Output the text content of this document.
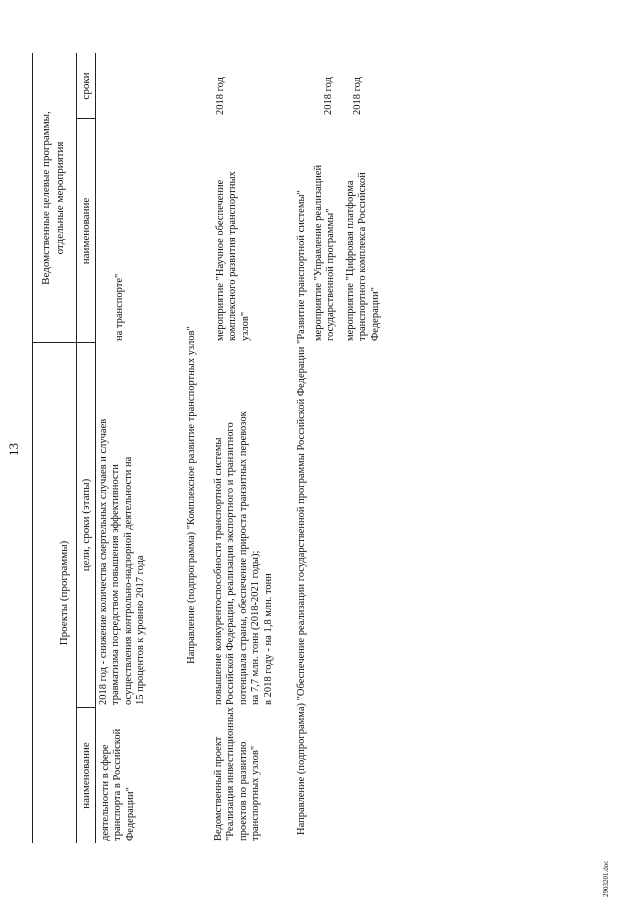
13
Проекты (программы)
наименование
цели, сроки (этапы)
Ведомственные целевые программы, отдельные мероприятия наименование
сроки
деятельности в сфере транспорта в Российской Федерации"
2018 год - снижение количества смертельных случаев и случаев травматизма посредством повышения эффективности осуществления контрольно-надзорной деятельности на 15 процентов к уровню 2017 года
на транспорте"
Направление (подпрограмма) "Комплексное развитие транспортных узлов"
Ведомственный проект "Реализация инвестиционных проектов по развитию транспортных узлов"
повышение конкурентоспособности транспортной системы Российской Федерации, реализация экспортного и транзитного потенциала страны, обеспечение прироста транзитных перевозок на 7,7 млн. тонн (2018-2021 годы); в 2018 году - на 1,8 млн. тонн
мероприятие "Научное обеспечение комплексного развития транспортных узлов"
2018 год
Направление (подпрограмма) "Обеспечение реализации государственной программы Российской Федерации "Развитие транспортной системы" мероприятие "Управление реализацией государственной программы"
2018 год
мероприятие "Цифровая платформа транспортного комплекса Российской Федерации"
2018 год
2903201.doc
